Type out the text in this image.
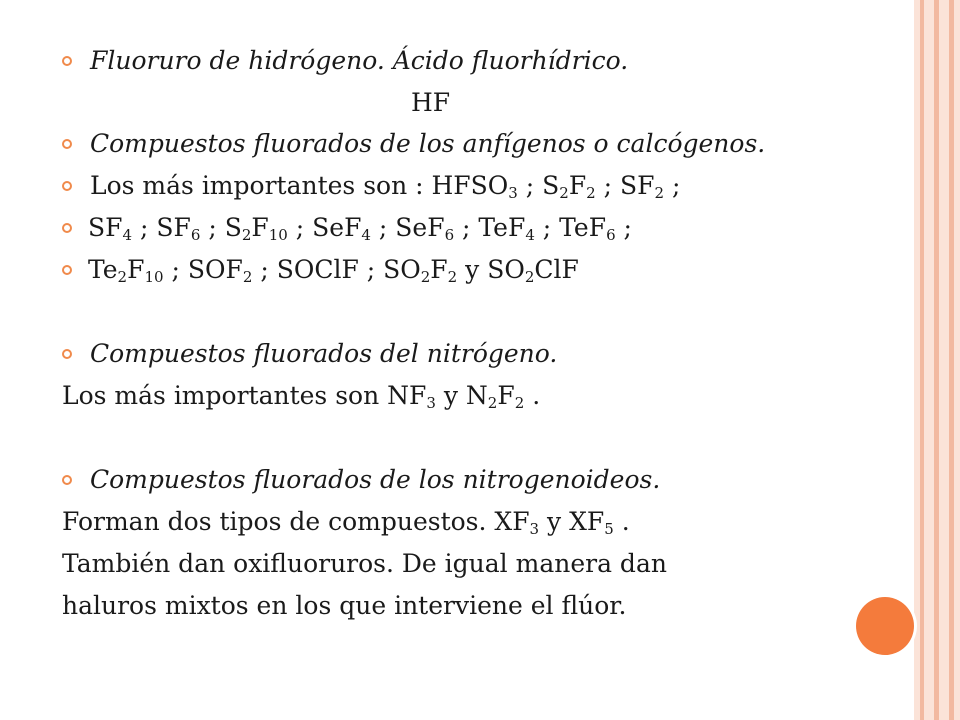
Fluoruro de hidrógeno. Ácido fluorhídrico.
HF
Compuestos fluorados de los anfígenos o calcógenos.
Los más importantes son : $HFSO_3$ ; $S_2F_2$ ; $SF_2$ ;
$SF_4$ ; $SF_6$ ; $S_2F_{10}$ ; SeF$_4$ ; SeF$_6$ ; TeF$_4$ ; TeF$_6$ ;
$Te_2F_{10}$ ; $SOF_2$ ; SOClF ; $SO_2F_2$ y $SO_2ClF$
Compuestos fluorados del nitrógeno.
Los más importantes son $NF_3$ y $N_2F_2$ .
Compuestos fluorados de los nitrogenoideos.
Forman dos tipos de compuestos. $XF_3$ y $XF_5$ .
También dan oxifluoruros. De igual manera dan
haluros mixtos en los que interviene el flúor.
